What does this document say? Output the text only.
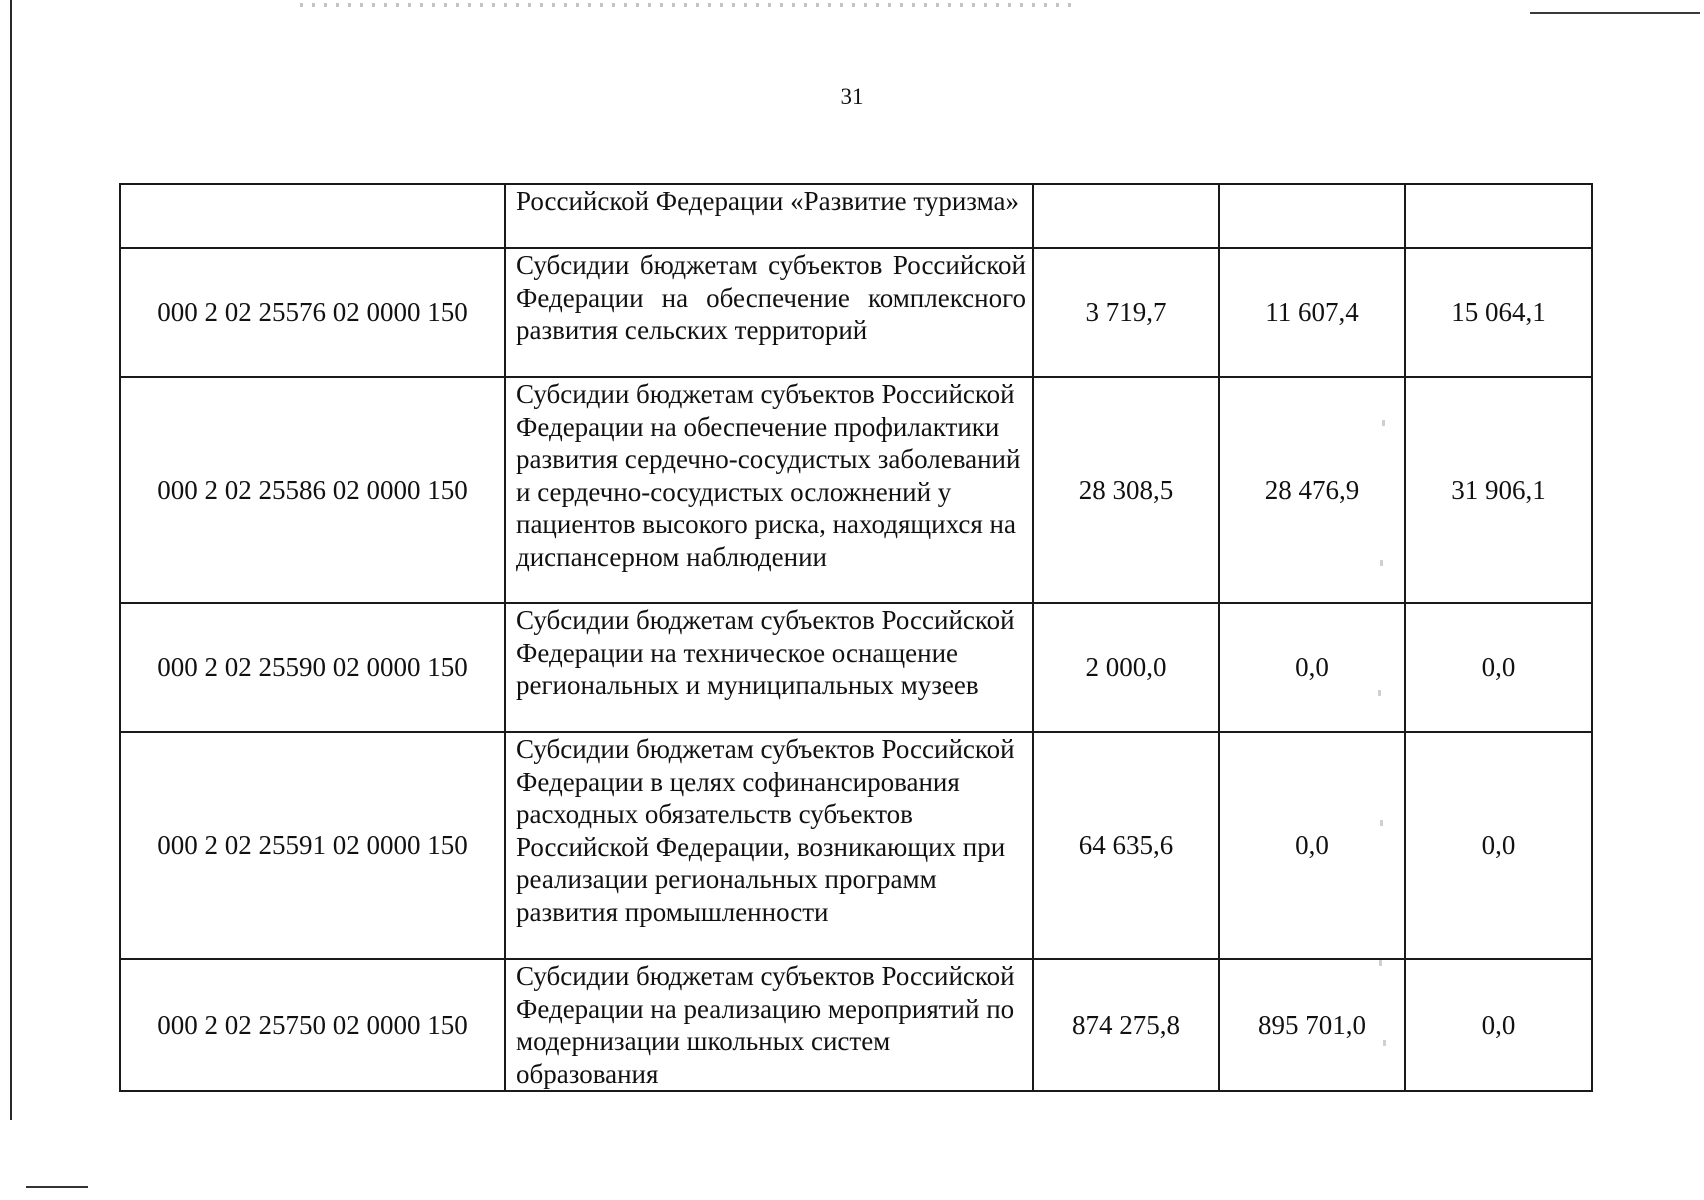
31
	Российской Федерации «Развитие туризма»			
000 2 02 25576 02 0000 150	Субсидии бюджетам субъектов Российской Федерации на обеспечение комплексного развития сельских территорий	3 719,7	11 607,4	15 064,1
000 2 02 25586 02 0000 150	Субсидии бюджетам субъектов Российской Федерации на обеспечение профилактики развития сердечно-сосудистых заболеваний и сердечно-сосудистых осложнений у пациентов высокого риска, находящихся на диспансерном наблюдении	28 308,5	28 476,9	31 906,1
000 2 02 25590 02 0000 150	Субсидии бюджетам субъектов Российской Федерации на техническое оснащение региональных и муниципальных музеев	2 000,0	0,0	0,0
000 2 02 25591 02 0000 150	Субсидии бюджетам субъектов Российской Федерации в целях софинансирования расходных обязательств субъектов Российской Федерации, возникающих при реализации региональных программ развития промышленности	64 635,6	0,0	0,0
000 2 02 25750 02 0000 150	Субсидии бюджетам субъектов Российской Федерации на реализацию мероприятий по модернизации школьных систем образования	874 275,8	895 701,0	0,0
